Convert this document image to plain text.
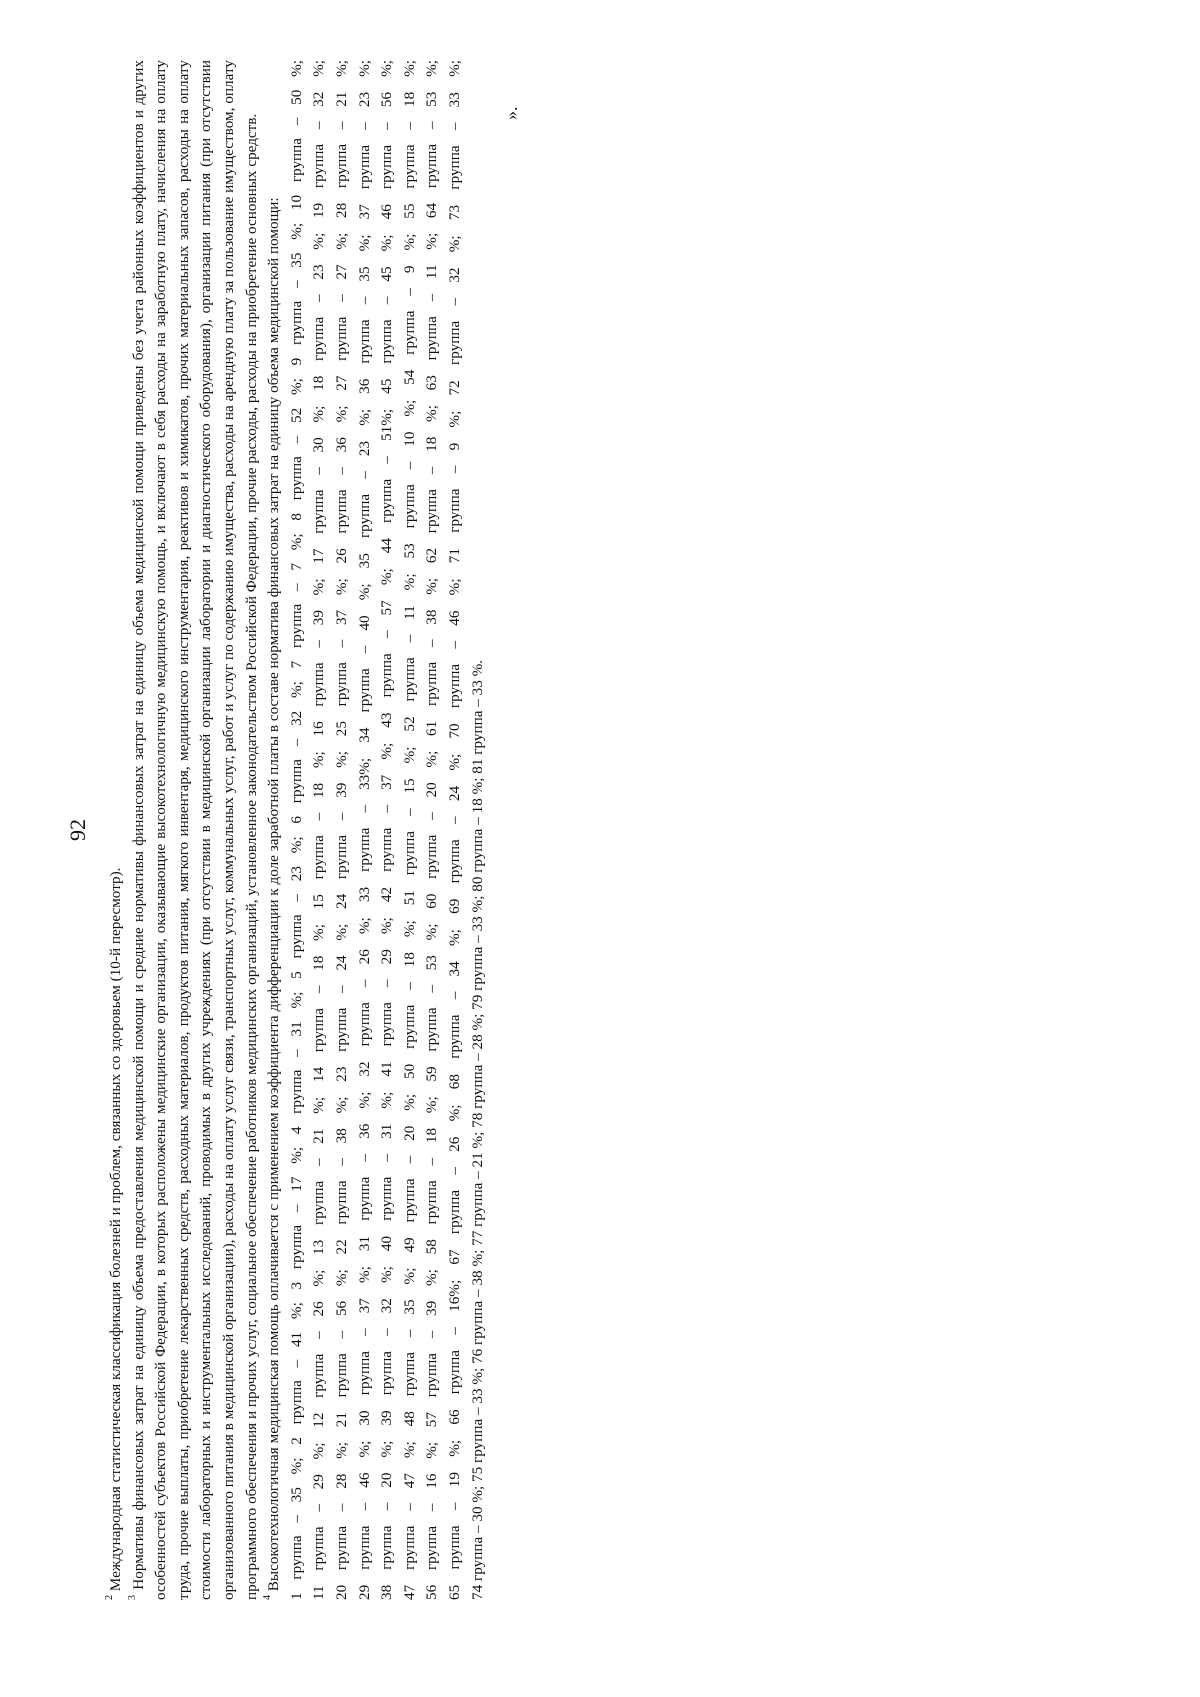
92

$^2$ Международная статистическая классификация болезней и проблем, связанных со здоровьем (10-й пересмотр).

$^3$ Нормативы финансовых затрат на единицу объема предоставления медицинской помощи и средние нормативы финансовых затрат на единицу объема медицинской помощи приведены без учета районных коэффициентов и других особенностей субъектов Российской Федерации, в которых расположены медицинские организации, оказывающие высокотехнологичную медицинскую помощь, и включают в себя расходы на заработную плату, начисления на оплату труда, прочие выплаты, приобретение лекарственных средств, расходных материалов, продуктов питания, мягкого инвентаря, медицинского инструментария, реактивов и химикатов, прочих материальных запасов, расходы на оплату стоимости лабораторных и инструментальных исследований, проводимых в других учреждениях (при отсутствии в медицинской организации лаборатории и диагностического оборудования), организации питания (при отсутствии организованного питания в медицинской организации), расходы на оплату услуг связи, транспортных услуг, коммунальных услуг, работ и услуг по содержанию имущества, расходы на арендную плату за пользование имуществом, оплату программного обеспечения и прочих услуг, социальное обеспечение работников медицинских организаций, установленное законодательством Российской Федерации, прочие расходы, расходы на приобретение основных средств. $^4$ Высокотехнологичная медицинская помощь оплачивается с применением коэффициента дифференциации к доле заработной платы в составе норматива финансовых затрат на единицу объема медицинской помощи: 1 группа – 35 %; 2 группа – 41 %; 3 группа – 17 %; 4 группа – 31 %; 5 группа – 23 %; 6 группа – 32 %; 7 группа – 7 %; 8 группа – 52 %; 9 группа – 35 %; 10 группа – 50 %; 11 группа – 29 %; 12 группа – 26 %; 13 группа – 21 %; 14 группа – 18 %; 15 группа – 18 %; 16 группа – 39 %; 17 группа – 30 %; 18 группа – 23 %; 19 группа – 32 %; 20 группа – 28 %; 21 группа – 56 %; 22 группа – 38 %; 23 группа – 24 %; 24 группа – 39 %; 25 группа – 37 %; 26 группа – 36 %; 27 группа – 27 %; 28 группа – 21 %; 29 группа – 46 %; 30 группа – 37 %; 31 группа – 36 %; 32 группа – 26 %; 33 группа – 33%; 34 группа – 40 %; 35 группа – 23 %; 36 группа – 35 %; 37 группа – 23 %; 38 группа – 20 %; 39 группа – 32 %; 40 группа – 31 %; 41 группа – 29 %; 42 группа – 37 %; 43 группа – 57 %; 44 группа – 51%; 45 группа – 45 %; 46 группа – 56 %; 47 группа – 47 %; 48 группа – 35 %; 49 группа – 20 %; 50 группа – 18 %; 51 группа – 15 %; 52 группа – 11 %; 53 группа – 10 %; 54 группа – 9 %; 55 группа – 18 %; 56 группа – 16 %; 57 группа – 39 %; 58 группа – 18 %; 59 группа – 53 %; 60 группа – 20 %; 61 группа – 38 %; 62 группа – 18 %; 63 группа – 11 %; 64 группа – 53 %; 65 группа – 19 %; 66 группа – 16%; 67 группа – 26 %; 68 группа – 34 %; 69 группа – 24 %; 70 группа – 46 %; 71 группа – 9 %; 72 группа – 32 %; 73 группа – 33 %; 74 группа – 30 %; 75 группа – 33 %; 76 группа – 38 %; 77 группа – 21 %; 78 группа – 28 %; 79 группа – 33 %; 80 группа – 18 %; 81 группа – 33 %.

».
